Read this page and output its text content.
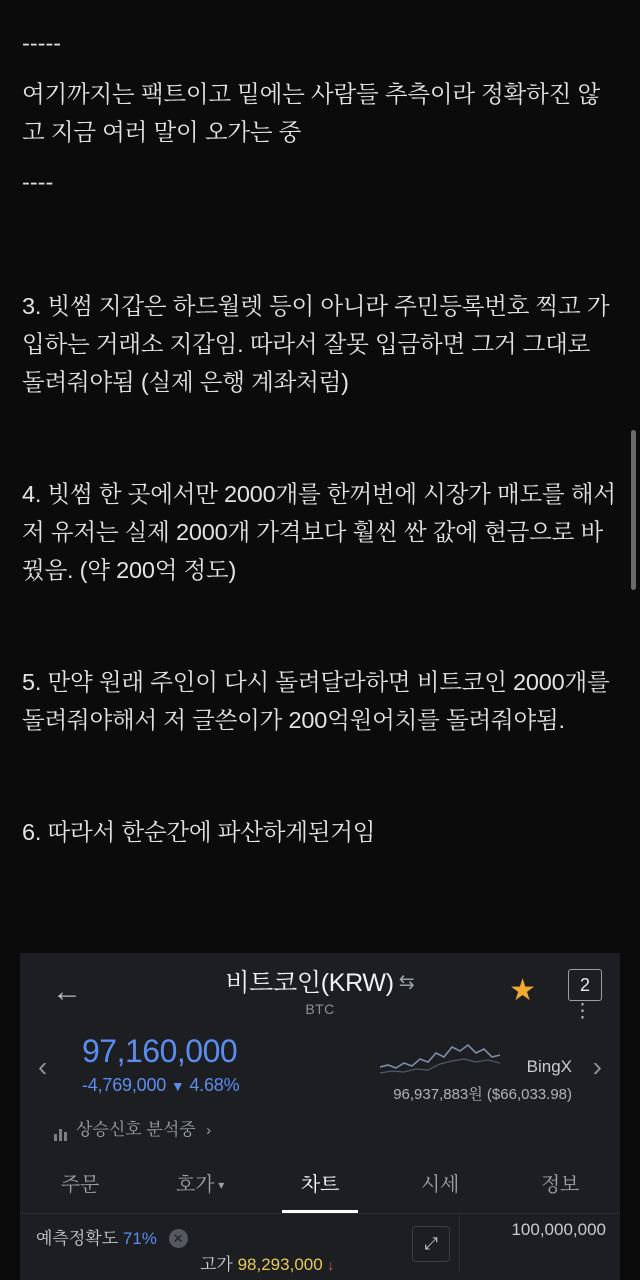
-----
여기까지는 팩트이고 밑에는 사람들 추측이라 정확하진 않고 지금 여러 말이 오가는 중
----
3. 빗썸 지갑은 하드월렛 등이 아니라 주민등록번호 찍고 가입하는 거래소 지갑임. 따라서 잘못 입금하면 그거 그대로 돌려줘야됨 (실제 은행 계좌처럼)
4. 빗썸 한 곳에서만 2000개를 한꺼번에 시장가 매도를 해서 저 유저는 실제 2000개 가격보다 훨씬 싼 값에 현금으로 바꿨음. (약 200억 정도)
5. 만약 원래 주인이 다시 돌려달라하면 비트코인 2000개를 돌려줘야해서 저 글쓴이가 200억원어치를 돌려줘야됨.
6. 따라서 한순간에 파산하게된거임
←	비트코인(KRW) ⇆
BTC
★	2
⋮
‹	›
97,160,000
-4,769,000 ▼ 4.68%
BingX
96,937,883원 ($66,033.98)
상승신호 분석중 ›
주문	호가 ▾	차트	시세	정보
예측정확도 71% ✕
고가 98,293,000 ↓
⤢
100,000,000
